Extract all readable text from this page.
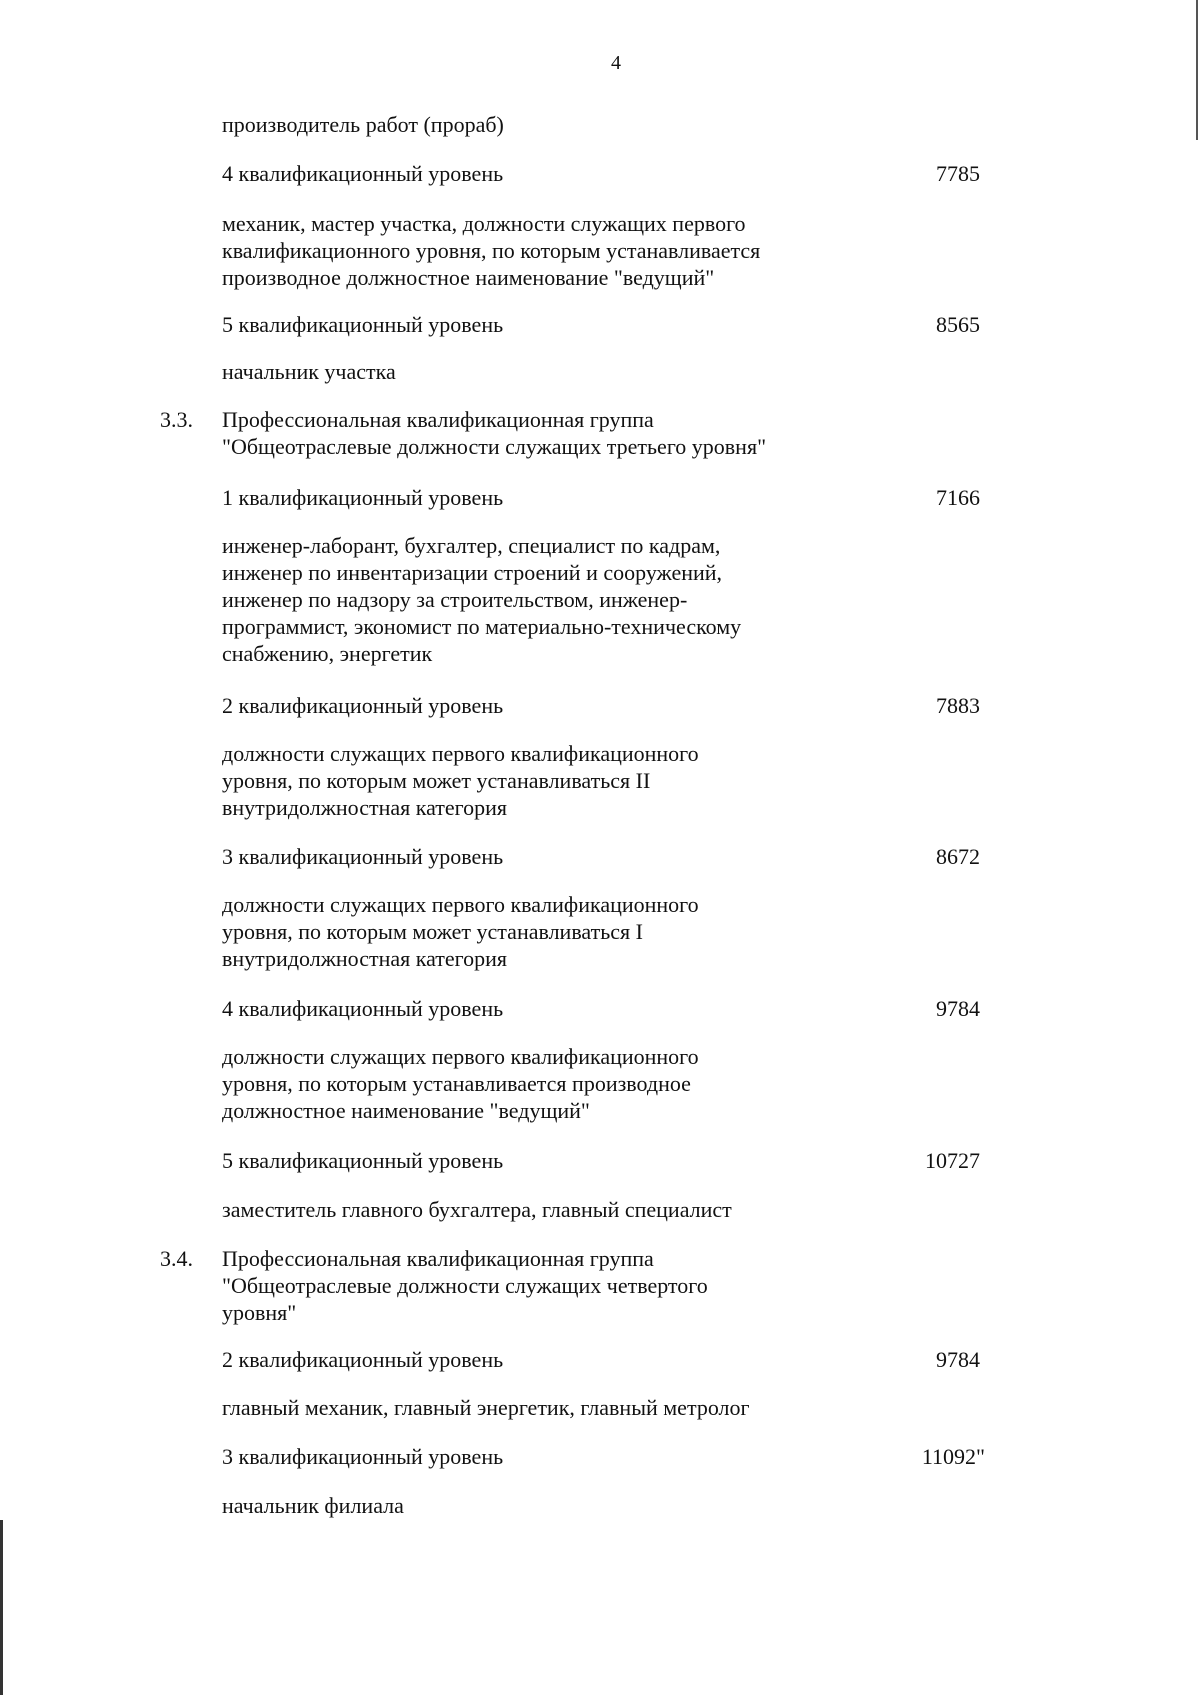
4
производитель работ (прораб)
4 квалификационный уровень	7785
механик, мастер участка, должности служащих первого
квалификационного уровня, по которым устанавливается
производное должностное наименование "ведущий"
5 квалификационный уровень	8565
начальник участка
3.3. Профессиональная квалификационная группа
"Общеотраслевые должности служащих третьего уровня"
1 квалификационный уровень	7166
инженер-лаборант, бухгалтер, специалист по кадрам,
инженер по инвентаризации строений и сооружений,
инженер по надзору за строительством, инженер-
программист, экономист по материально-техническому
снабжению, энергетик
2 квалификационный уровень	7883
должности служащих первого квалификационного
уровня, по которым может устанавливаться II
внутридолжностная категория
3 квалификационный уровень	8672
должности служащих первого квалификационного
уровня, по которым может устанавливаться I
внутридолжностная категория
4 квалификационный уровень	9784
должности служащих первого квалификационного
уровня, по которым устанавливается производное
должностное наименование "ведущий"
5 квалификационный уровень	10727
заместитель главного бухгалтера, главный специалист
3.4. Профессиональная квалификационная группа
"Общеотраслевые должности служащих четвертого
уровня"
2 квалификационный уровень	9784
главный механик, главный энергетик, главный метролог
3 квалификационный уровень	11092"
начальник филиала
